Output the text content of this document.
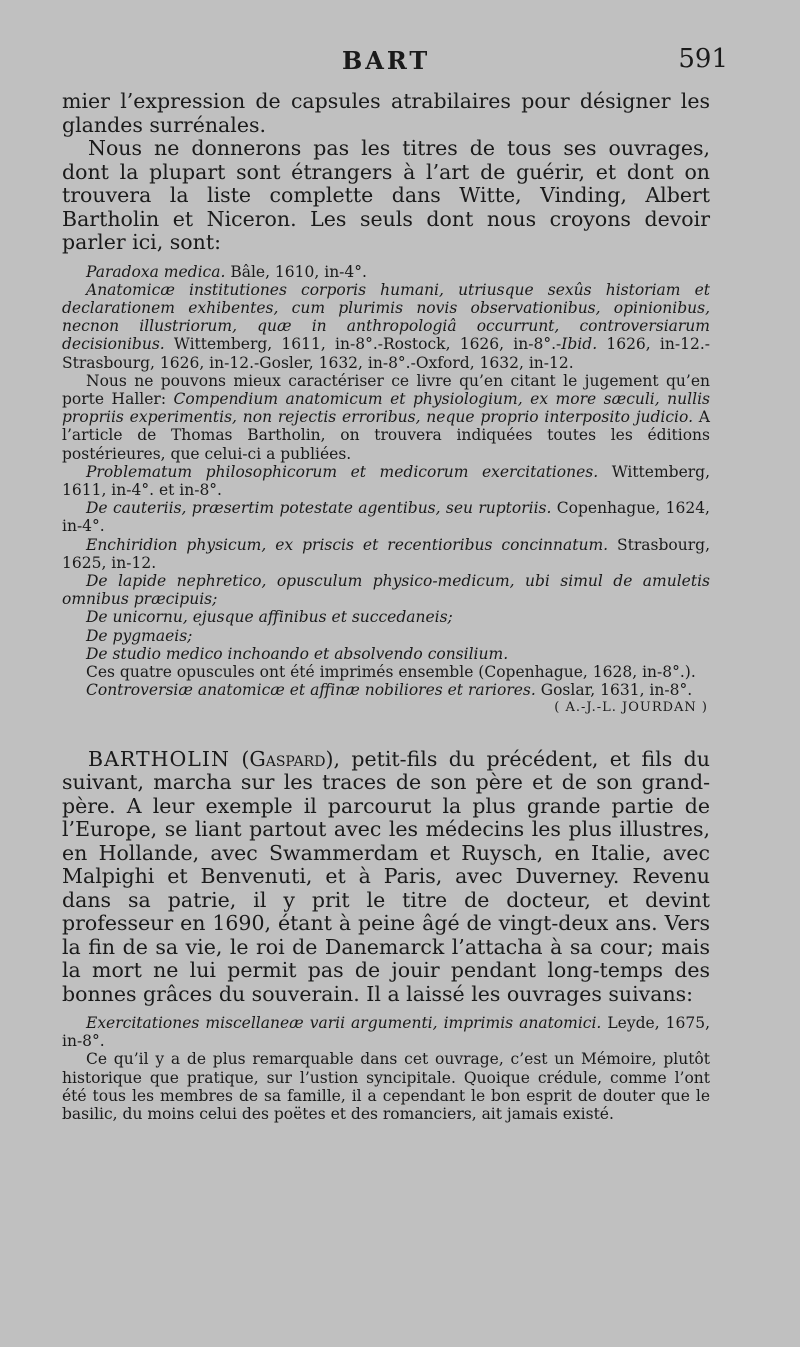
BART	591

mier l’expression de capsules atrabilaires pour désigner les glandes surrénales.

Nous ne donnerons pas les titres de tous ses ouvrages, dont la plupart sont étrangers à l’art de guérir, et dont on trouvera la liste complette dans Witte, Vinding, Albert Bartholin et Niceron. Les seuls dont nous croyons devoir parler ici, sont:

Paradoxa medica. Bâle, 1610, in-4°.

Anatomicæ institutiones corporis humani, utriusque sexûs historiam et declarationem exhibentes, cum plurimis novis observationibus, opinionibus, necnon illustriorum, quæ in anthropologiâ occurrunt, controversiarum decisionibus. Wittemberg, 1611, in-8°.-Rostock, 1626, in-8°.-Ibid. 1626, in-12.-Strasbourg, 1626, in-12.-Gosler, 1632, in-8°.-Oxford, 1632, in-12.

Nous ne pouvons mieux caractériser ce livre qu’en citant le jugement qu’en porte Haller: Compendium anatomicum et physiologium, ex more sæculi, nullis propriis experimentis, non rejectis erroribus, neque proprio interposito judicio. A l’article de Thomas Bartholin, on trouvera indiquées toutes les éditions postérieures, que celui-ci a publiées.

Problematum philosophicorum et medicorum exercitationes. Wittemberg, 1611, in-4°. et in-8°.

De cauteriis, præsertim potestate agentibus, seu ruptoriis. Copenhague, 1624, in-4°.

Enchiridion physicum, ex priscis et recentioribus concinnatum. Strasbourg, 1625, in-12.

De lapide nephretico, opusculum physico-medicum, ubi simul de amuletis omnibus præcipuis;

De unicornu, ejusque affinibus et succedaneis;

De pygmaeis;

De studio medico inchoando et absolvendo consilium.

Ces quatre opuscules ont été imprimés ensemble (Copenhague, 1628, in-8°.).

Controversiæ anatomicæ et affinæ nobiliores et rariores. Goslar, 1631, in-8°.

( A.-J.-L. JOURDAN )

BARTHOLIN (Gaspard), petit-fils du précédent, et fils du suivant, marcha sur les traces de son père et de son grand-père. A leur exemple il parcourut la plus grande partie de l’Europe, se liant partout avec les médecins les plus illustres, en Hollande, avec Swammerdam et Ruysch, en Italie, avec Malpighi et Benvenuti, et à Paris, avec Duverney. Revenu dans sa patrie, il y prit le titre de docteur, et devint professeur en 1690, étant à peine âgé de vingt-deux ans. Vers la fin de sa vie, le roi de Danemarck l’attacha à sa cour; mais la mort ne lui permit pas de jouir pendant long-temps des bonnes grâces du souverain. Il a laissé les ouvrages suivans:

Exercitationes miscellaneæ varii argumenti, imprimis anatomici. Leyde, 1675, in-8°.

Ce qu’il y a de plus remarquable dans cet ouvrage, c’est un Mémoire, plutôt historique que pratique, sur l’ustion syncipitale. Quoique crédule, comme l’ont été tous les membres de sa famille, il a cependant le bon esprit de douter que le basilic, du moins celui des poëtes et des romanciers, ait jamais existé.
